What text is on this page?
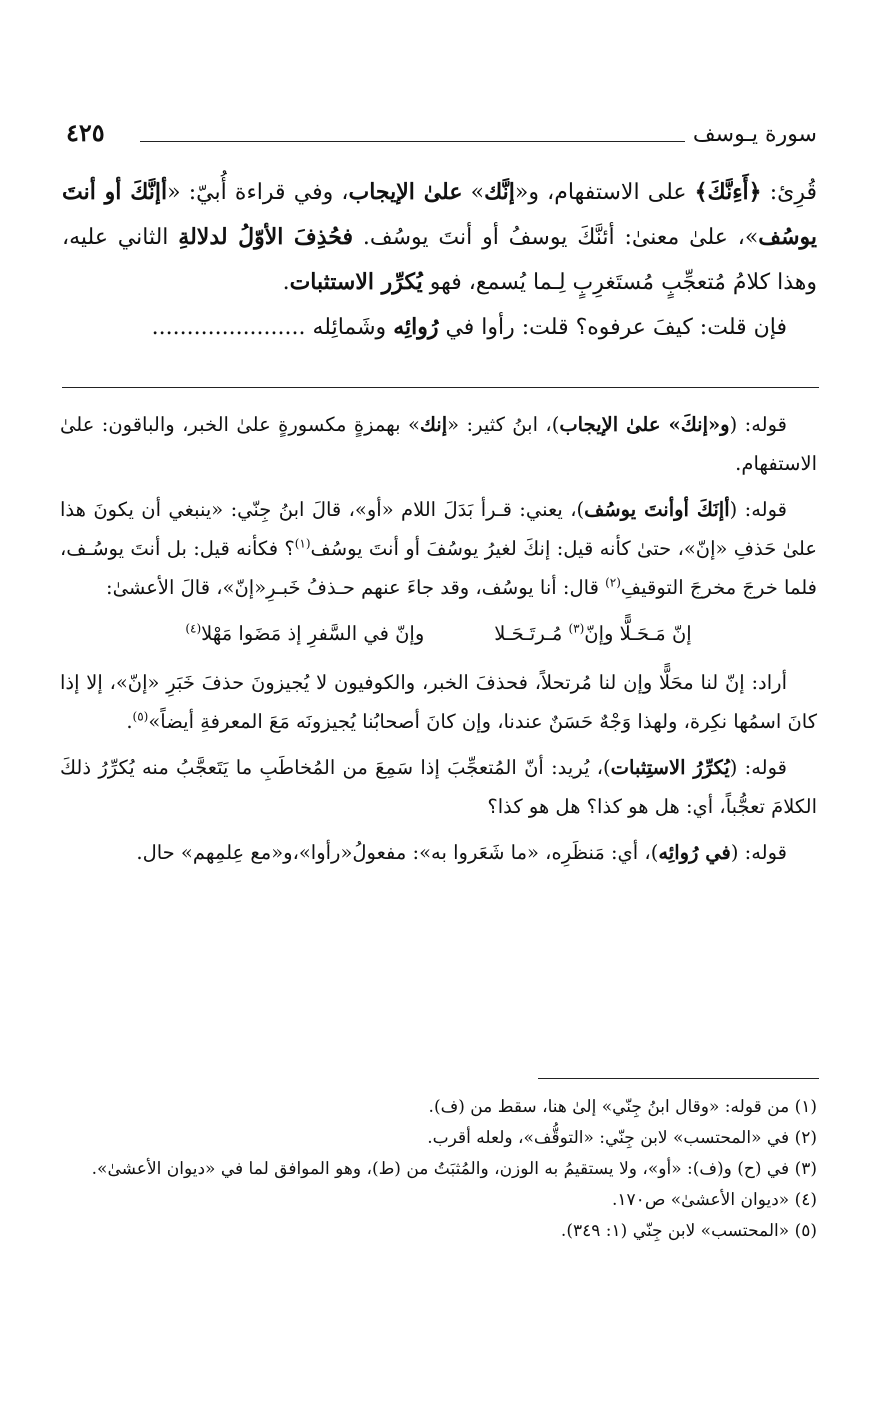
سورة يـوسف
٤٢٥

قُرِئ: ﴿أَءِنَّكَ﴾ على الاستفهام، و«إنَّك» علىٰ الإيجاب، وفي قراءة أُبيّ: «أإنَّكَ أو أنتَ يوسُف»، علىٰ معنىٰ: أئنَّكَ يوسفُ أو أنتَ يوسُف. فحُذِفَ الأوّلُ لدلالةِ الثاني عليه، وهذا كلامُ مُتعجِّبٍ مُستَغرِبٍ لِـما يُسمع، فهو يُكرِّر الاستثبات.

فإن قلت: كيفَ عرفوه؟ قلت: رأوا في رُوائِه وشَمائِله ......................

قوله: (و«إنكَ» علىٰ الإيجاب)، ابنُ كثير: «إنك» بهمزةٍ مكسورةٍ علىٰ الخبر، والباقون: علىٰ الاستفهام.

قوله: (أإنَكَ أوأنتَ يوسُف)، يعني: قـرأ بَدَلَ اللام «أو»، قالَ ابنُ جِنّي: «ينبغي أن يكونَ هذا علىٰ حَذفِ «إنّ»، حتىٰ كأنه قيل: إنكَ لغيرُ يوسُفَ أو أنتَ يوسُف$^{(١)}$؟ فكأنه قيل: بل أنتَ يوسُـف، فلما خرجَ مخرجَ التوقيفِ$^{(٢)}$ قال: أنا يوسُف، وقد جاءَ عنهم حـذفُ خَبـرِ«إنّ»، قالَ الأعشىٰ:

إنّ مَـحَـلًّا وإنّ$^{(٣)}$ مُـرتَـحَـلا
وإنّ في السَّفرِ إذ مَضَوا مَهْلا$^{(٤)}$

أراد: إنّ لنا محَلًّا وإن لنا مُرتحلاً، فحذفَ الخبر، والكوفيون لا يُجيزونَ حذفَ خَبَرِ «إنّ»، إلا إذا كانَ اسمُها نكِرة، ولهذا وَجْهٌ حَسَنٌ عندنا، وإن كانَ أصحابُنا يُجيزونَه مَعَ المعرفةِ أيضاً»$^{(٥)}$.

قوله: (يُكرِّرُ الاستِثبات)، يُريد: أنّ المُتعجِّبَ إذا سَمِعَ من المُخاطَبِ ما يَتَعجَّبُ منه يُكرِّرُ ذلكَ الكلامَ تعجُّباً، أي: هل هو كذا؟ هل هو كذا؟

قوله: (في رُوائِه)، أي: مَنظَرِه، «ما شَعَروا به»: مفعولُ«رأوا»،و«مع عِلمِهم» حال.

(١) من قوله: «وقال ابنُ جِنّي» إلىٰ هنا، سقط من (ف).
(٢) في «المحتسب» لابن جِنّي: «التوقُّف»، ولعله أقرب.
(٣) في (ح) و(ف): «أو»، ولا يستقيمُ به الوزن، والمُثبَتُ من (ط)، وهو الموافق لما في «ديوان الأعشىٰ».
(٤) «ديوان الأعشىٰ» ص١٧٠.
(٥) «المحتسب» لابن جِنّي (١: ٣٤٩).
